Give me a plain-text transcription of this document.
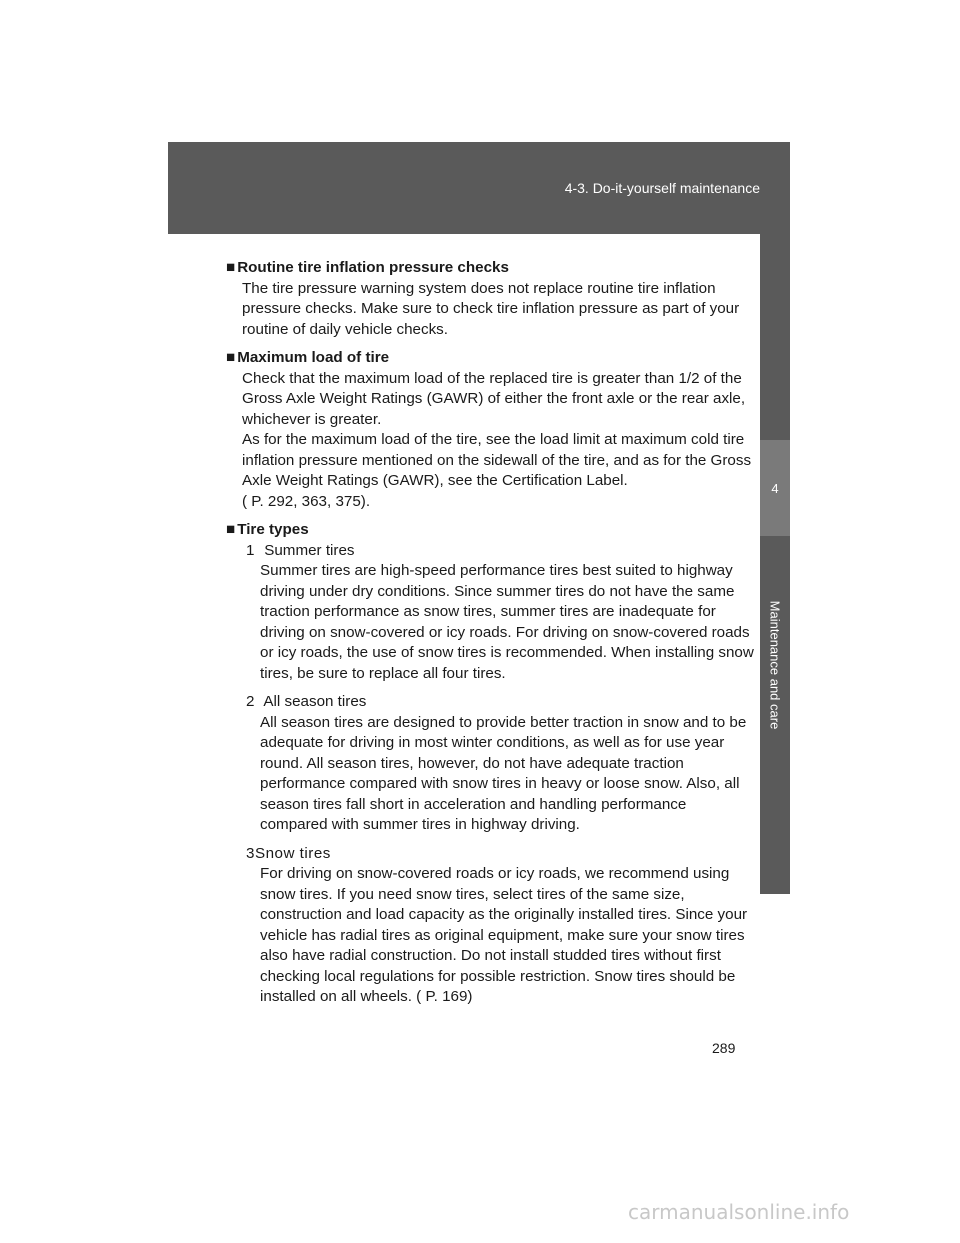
4-3. Do-it-yourself maintenance
4
Maintenance and care

■ Routine tire inflation pressure checks

The tire pressure warning system does not replace routine tire inflation pressure checks. Make sure to check tire inflation pressure as part of your routine of daily vehicle checks.

■ Maximum load of tire

Check that the maximum load of the replaced tire is greater than 1/2 of the Gross Axle Weight Ratings (GAWR) of either the front axle or the rear axle, whichever is greater.

As for the maximum load of the tire, see the load limit at maximum cold tire inflation pressure mentioned on the sidewall of the tire, and as for the Gross Axle Weight Ratings (GAWR), see the Certification Label.

( P. 292, 363, 375).

■ Tire types

1 Summer tires

Summer tires are high-speed performance tires best suited to highway driving under dry conditions. Since summer tires do not have the same traction performance as snow tires, summer tires are inadequate for driving on snow-covered or icy roads. For driving on snow-covered roads or icy roads, the use of snow tires is recommended. When installing snow tires, be sure to replace all four tires.

2 All season tires

All season tires are designed to provide better traction in snow and to be adequate for driving in most winter conditions, as well as for use year round. All season tires, however, do not have adequate traction performance compared with snow tires in heavy or loose snow. Also, all season tires fall short in acceleration and handling performance compared with summer tires in highway driving.

3Snow tires

For driving on snow-covered roads or icy roads, we recommend using snow tires. If you need snow tires, select tires of the same size, construction and load capacity as the originally installed tires. Since your vehicle has radial tires as original equipment, make sure your snow tires also have radial construction. Do not install studded tires without first checking local regulations for possible restriction. Snow tires should be installed on all wheels. ( P. 169)

289
carmanualsonline.info
